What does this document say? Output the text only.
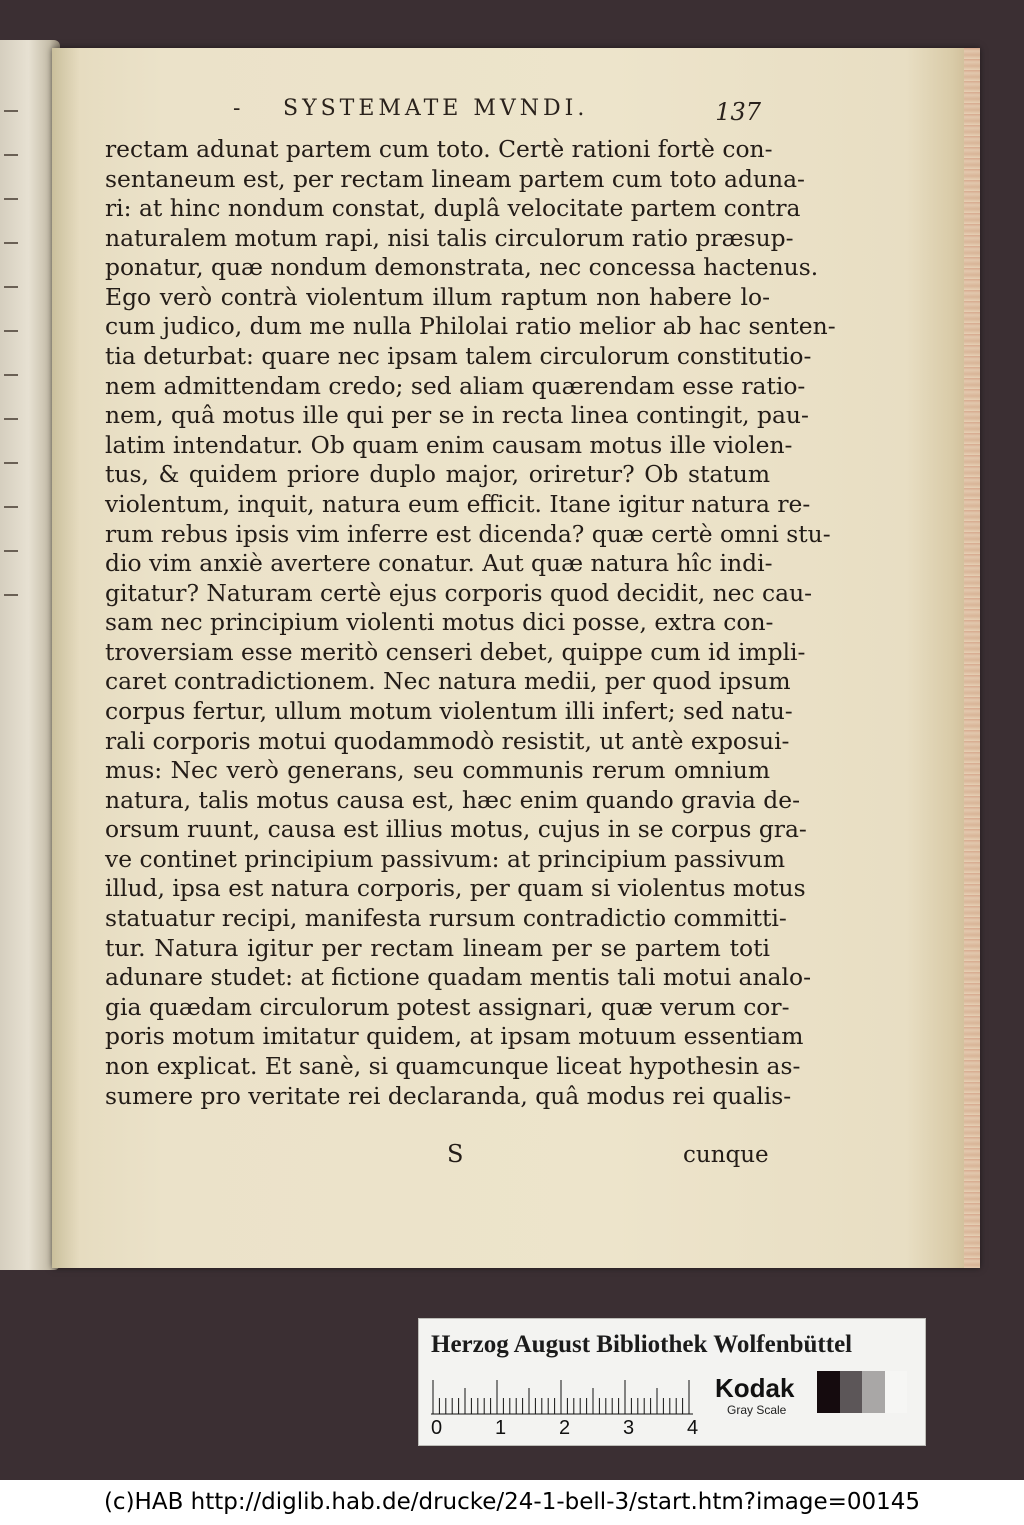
- SYSTEMATE MVNDI.	137
rectam adunat partem cum toto. Certè rationi fortè con-
sentaneum est, per rectam lineam partem cum toto aduna-
ri: at hinc nondum constat, duplâ velocitate partem contra
naturalem motum rapi, nisi talis circulorum ratio præsup-
ponatur, quæ nondum demonstrata, nec concessa hactenus.
Ego verò contrà violentum illum raptum non habere lo-
cum judico, dum me nulla Philolai ratio melior ab hac senten-
tia deturbat: quare nec ipsam talem circulorum constitutio-
nem admittendam credo; sed aliam quærendam esse ratio-
nem, quâ motus ille qui per se in recta linea contingit, pau-
latim intendatur. Ob quam enim causam motus ille violen-
tus, & quidem priore duplo major, oriretur? Ob statum
violentum, inquit, natura eum efficit. Itane igitur natura re-
rum rebus ipsis vim inferre est dicenda? quæ certè omni stu-
dio vim anxiè avertere conatur. Aut quæ natura hîc indi-
gitatur? Naturam certè ejus corporis quod decidit, nec cau-
sam nec principium violenti motus dici posse, extra con-
troversiam esse meritò censeri debet, quippe cum id impli-
caret contradictionem. Nec natura medii, per quod ipsum
corpus fertur, ullum motum violentum illi infert; sed natu-
rali corporis motui quodammodò resistit, ut antè exposui-
mus: Nec verò generans, seu communis rerum omnium
natura, talis motus causa est, hæc enim quando gravia de-
orsum ruunt, causa est illius motus, cujus in se corpus gra-
ve continet principium passivum: at principium passivum
illud, ipsa est natura corporis, per quam si violentus motus
statuatur recipi, manifesta rursum contradictio committi-
tur. Natura igitur per rectam lineam per se partem toti
adunare studet: at fictione quadam mentis tali motui analo-
gia quædam circulorum potest assignari, quæ verum cor-
poris motum imitatur quidem, at ipsam motuum essentiam
non explicat. Et sanè, si quamcunque liceat hypothesin as-
sumere pro veritate rei declaranda, quâ modus rei qualis-
S	cunque
Herzog August Bibliothek Wolfenbüttel
0	1	2	3	4
Kodak
Gray Scale
(c)HAB http://diglib.hab.de/drucke/24-1-bell-3/start.htm?image=00145
